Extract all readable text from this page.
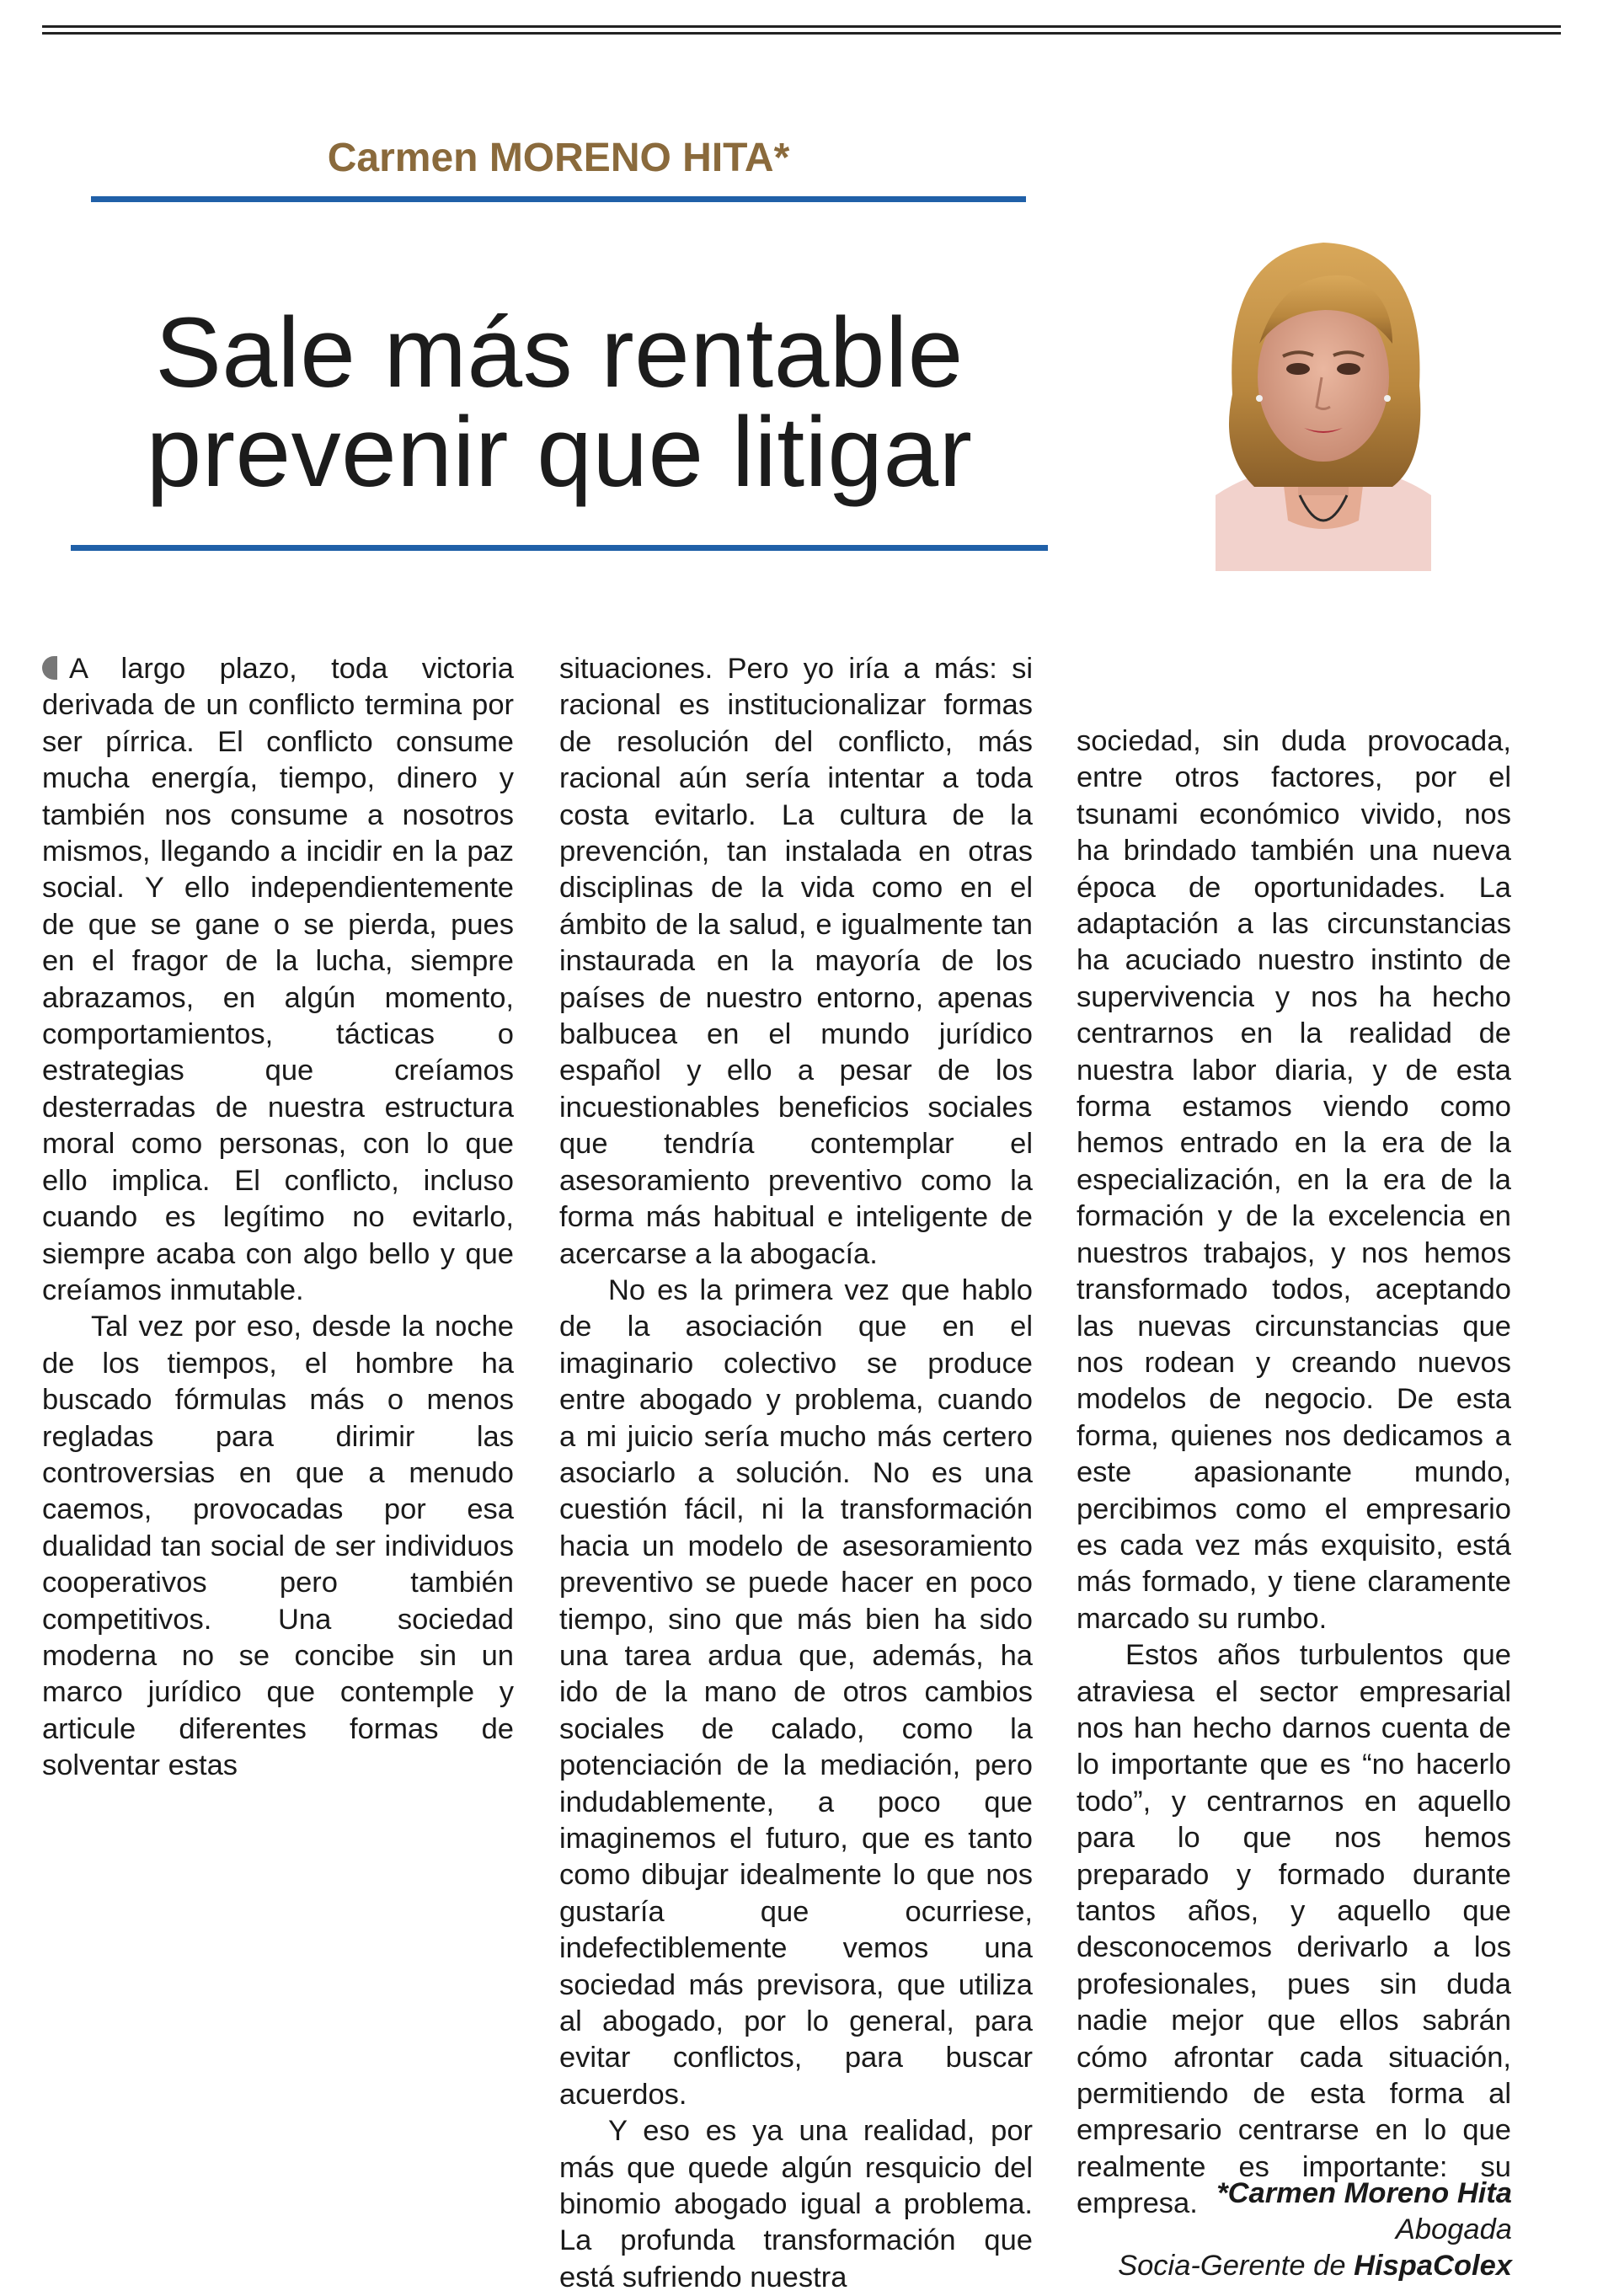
Carmen MORENO HITA*
Sale más rentable
prevenir que litigar

A largo plazo, toda victoria derivada de un conflicto termina por ser pírrica. El conflicto consume mucha energía, tiempo, dinero y también nos consume a nosotros mismos, llegando a incidir en la paz social. Y ello independientemente de que se gane o se pierda, pues en el fragor de la lucha, siempre abrazamos, en algún momento, comportamientos, tácticas o estrategias que creíamos desterradas de nuestra estructura moral como personas, con lo que ello implica. El conflicto, incluso cuando es legítimo no evitarlo, siempre acaba con algo bello y que creíamos inmutable.

Tal vez por eso, desde la noche de los tiempos, el hombre ha buscado fórmulas más o menos regladas para dirimir las controversias en que a menudo caemos, provocadas por esa dualidad tan social de ser individuos cooperativos pero también competitivos. Una sociedad moderna no se concibe sin un marco jurídico que contemple y articule diferentes formas de solventar estas

situaciones. Pero yo iría a más: si racional es institucionalizar formas de resolución del conflicto, más racional aún sería intentar a toda costa evitarlo. La cultura de la prevención, tan instalada en otras disciplinas de la vida como en el ámbito de la salud, e igualmente tan instaurada en la mayoría de los países de nuestro entorno, apenas balbucea en el mundo jurídico español y ello a pesar de los incuestionables beneficios sociales que tendría contemplar el asesoramiento preventivo como la forma más habitual e inteligente de acercarse a la abogacía.

No es la primera vez que hablo de la asociación que en el imaginario colectivo se produce entre abogado y problema, cuando a mi juicio sería mucho más certero asociarlo a solución. No es una cuestión fácil, ni la transformación hacia un modelo de asesoramiento preventivo se puede hacer en poco tiempo, sino que más bien ha sido una tarea ardua que, además, ha ido de la mano de otros cambios sociales de calado, como la potenciación de la mediación, pero indudablemente, a poco que imaginemos el futuro, que es tanto como dibujar idealmente lo que nos gustaría que ocurriese, indefectiblemente vemos una sociedad más previsora, que utiliza al abogado, por lo general, para evitar conflictos, para buscar acuerdos.

Y eso es ya una realidad, por más que quede algún resquicio del binomio abogado igual a problema. La profunda transformación que está sufriendo nuestra

sociedad, sin duda provocada, entre otros factores, por el tsunami económico vivido, nos ha brindado también una nueva época de oportunidades. La adaptación a las circunstancias ha acuciado nuestro instinto de supervivencia y nos ha hecho centrarnos en la realidad de nuestra labor diaria, y de esta forma estamos viendo como hemos entrado en la era de la especialización, en la era de la formación y de la excelencia en nuestros trabajos, y nos hemos transformado todos, aceptando las nuevas circunstancias que nos rodean y creando nuevos modelos de negocio. De esta forma, quienes nos dedicamos a este apasionante mundo, percibimos como el empresario es cada vez más exquisito, está más formado, y tiene claramente marcado su rumbo.

Estos años turbulentos que atraviesa el sector empresarial nos han hecho darnos cuenta de lo importante que es “no hacerlo todo”, y centrarnos en aquello para lo que nos hemos preparado y formado durante tantos años, y aquello que desconocemos derivarlo a los profesionales, pues sin duda nadie mejor que ellos sabrán cómo afrontar cada situación, permitiendo de esta forma al empresario centrarse en lo que realmente es importante: su empresa. *Carmen Moreno Hita
Abogada
Socia-Gerente de HispaColex
